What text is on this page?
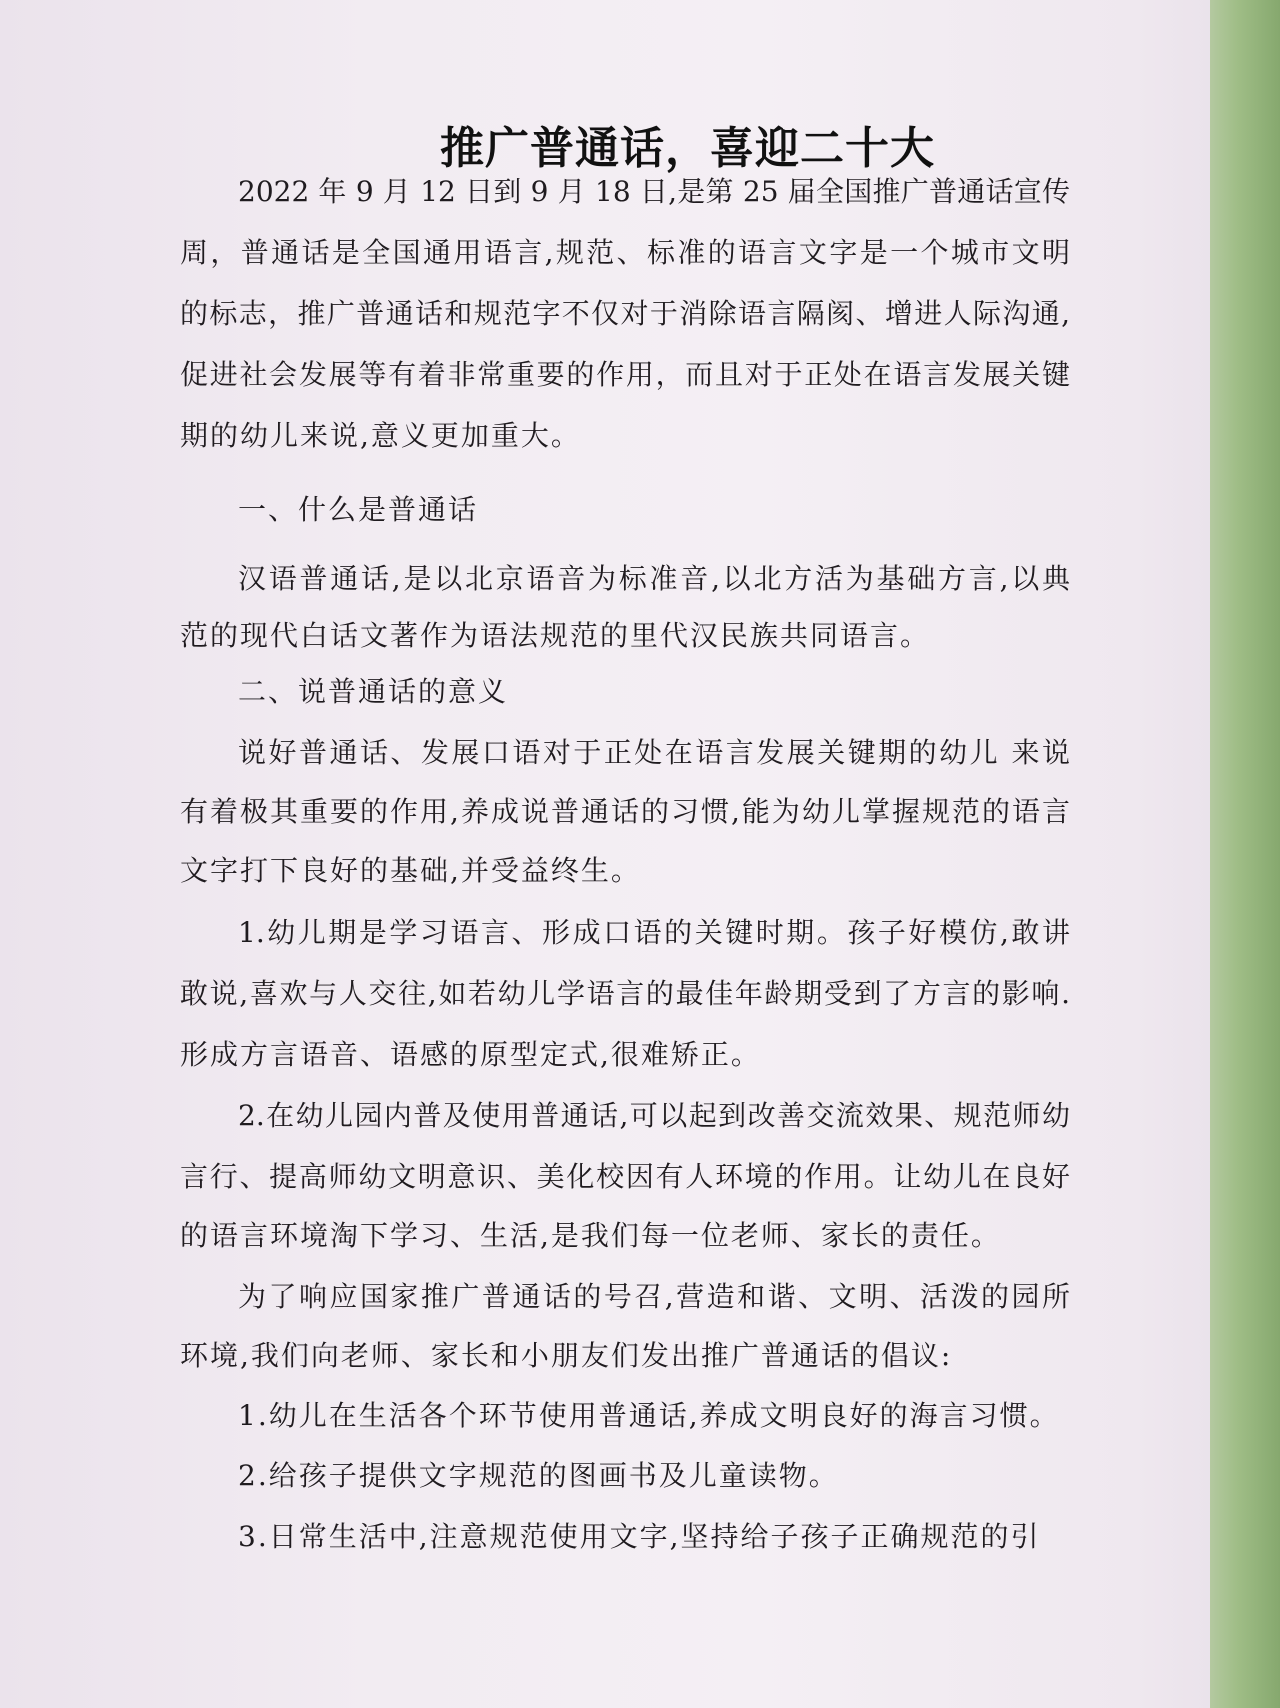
推广普通话，喜迎二十大
2022 年 9 月 12 日到 9 月 18 日,是第 25 届全国推广普通话宣传
周，普通话是全国通用语言,规范、标准的语言文字是一个城市文明
的标志，推广普通话和规范字不仅对于消除语言隔阂、增进人际沟通,
促进社会发展等有着非常重要的作用，而且对于正处在语言发展关键
期的幼儿来说,意义更加重大。
一、什么是普通话
汉语普通话,是以北京语音为标准音,以北方活为基础方言,以典
范的现代白话文著作为语法规范的里代汉民族共同语言。
二、说普通话的意义
说好普通话、发展口语对于正处在语言发展关键期的幼儿 来说
有着极其重要的作用,养成说普通话的习惯,能为幼儿掌握规范的语言
文字打下良好的基础,并受益终生。
1.幼儿期是学习语言、形成口语的关键时期。孩子好模仿,敢讲
敢说,喜欢与人交往,如若幼儿学语言的最佳年龄期受到了方言的影响.
形成方言语音、语感的原型定式,很难矫正。
2.在幼儿园内普及使用普通话,可以起到改善交流效果、规范师幼
言行、提高师幼文明意识、美化校因有人环境的作用。让幼儿在良好
的语言环境淘下学习、生活,是我们每一位老师、家长的责任。
为了响应国家推广普通话的号召,营造和谐、文明、活泼的园所
环境,我们向老师、家长和小朋友们发出推广普通话的倡议:
1.幼儿在生活各个环节使用普通话,养成文明良好的海言习惯。
2.给孩子提供文字规范的图画书及儿童读物。
3.日常生活中,注意规范使用文字,坚持给子孩子正确规范的引
